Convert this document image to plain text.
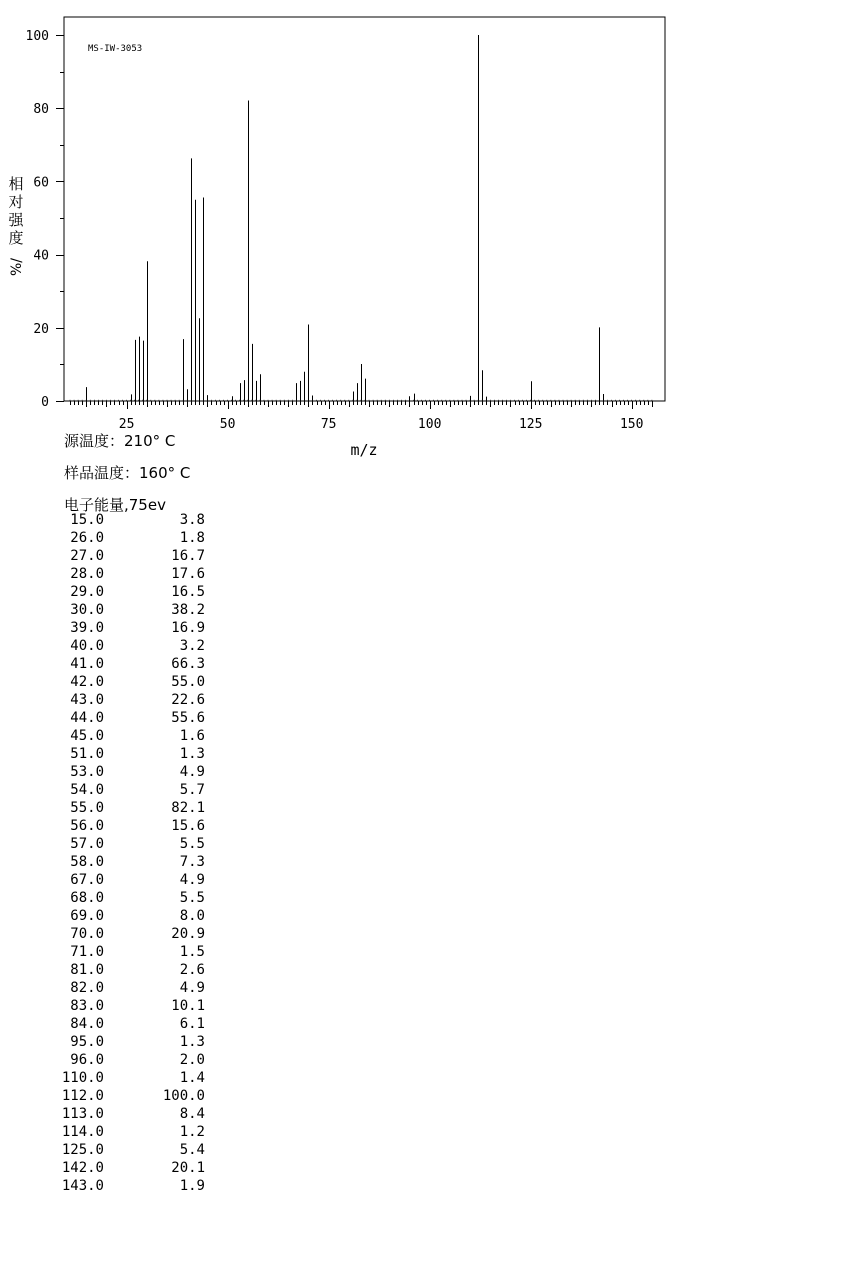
25	50	75	100	125	150
0
20
40
60
80
100
MS-IW-3053
m/z
相
对
强
度
%/
源温度：210° C
样品温度：160° C
电子能量,75ev
15.0	3.8
26.0	1.8
27.0	16.7
28.0	17.6
29.0	16.5
30.0	38.2
39.0	16.9
40.0	3.2
41.0	66.3
42.0	55.0
43.0	22.6
44.0	55.6
45.0	1.6
51.0	1.3
53.0	4.9
54.0	5.7
55.0	82.1
56.0	15.6
57.0	5.5
58.0	7.3
67.0	4.9
68.0	5.5
69.0	8.0
70.0	20.9
71.0	1.5
81.0	2.6
82.0	4.9
83.0	10.1
84.0	6.1
95.0	1.3
96.0	2.0
110.0	1.4
112.0	100.0
113.0	8.4
114.0	1.2
125.0	5.4
142.0	20.1
143.0	1.9
